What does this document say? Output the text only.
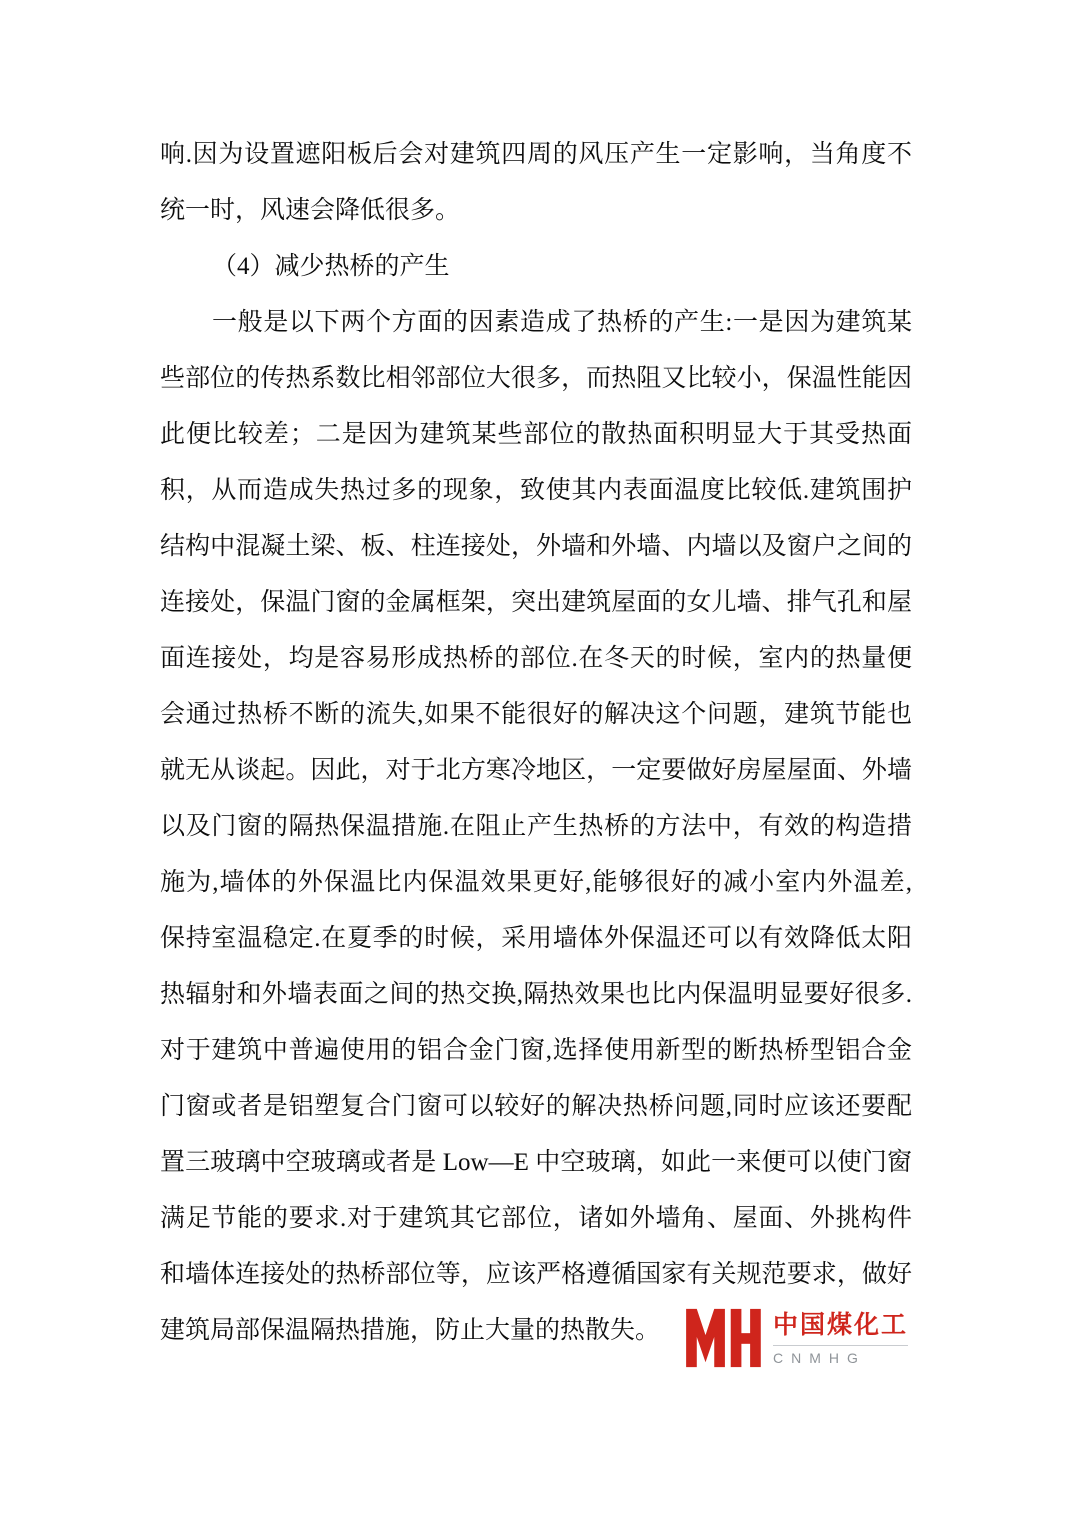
响.因为设置遮阳板后会对建筑四周的风压产生一定影响，当角度不
统一时，风速会降低很多。
（4）减少热桥的产生
一般是以下两个方面的因素造成了热桥的产生:一是因为建筑某
些部位的传热系数比相邻部位大很多，而热阻又比较小，保温性能因
此便比较差；二是因为建筑某些部位的散热面积明显大于其受热面
积，从而造成失热过多的现象，致使其内表面温度比较低.建筑围护
结构中混凝土梁、板、柱连接处，外墙和外墙、内墙以及窗户之间的
连接处，保温门窗的金属框架，突出建筑屋面的女儿墙、排气孔和屋
面连接处，均是容易形成热桥的部位.在冬天的时候，室内的热量便
会通过热桥不断的流失,如果不能很好的解决这个问题，建筑节能也
就无从谈起。因此，对于北方寒冷地区，一定要做好房屋屋面、外墙
以及门窗的隔热保温措施.在阻止产生热桥的方法中，有效的构造措
施为,墙体的外保温比内保温效果更好,能够很好的减小室内外温差,
保持室温稳定.在夏季的时候，采用墙体外保温还可以有效降低太阳
热辐射和外墙表面之间的热交换,隔热效果也比内保温明显要好很多.
对于建筑中普遍使用的铝合金门窗,选择使用新型的断热桥型铝合金
门窗或者是铝塑复合门窗可以较好的解决热桥问题,同时应该还要配
置三玻璃中空玻璃或者是 Low—E 中空玻璃，如此一来便可以使门窗
满足节能的要求.对于建筑其它部位，诸如外墙角、屋面、外挑构件
和墙体连接处的热桥部位等，应该严格遵循国家有关规范要求，做好
建筑局部保温隔热措施，防止大量的热散失。	中国煤化工
CNMHG
